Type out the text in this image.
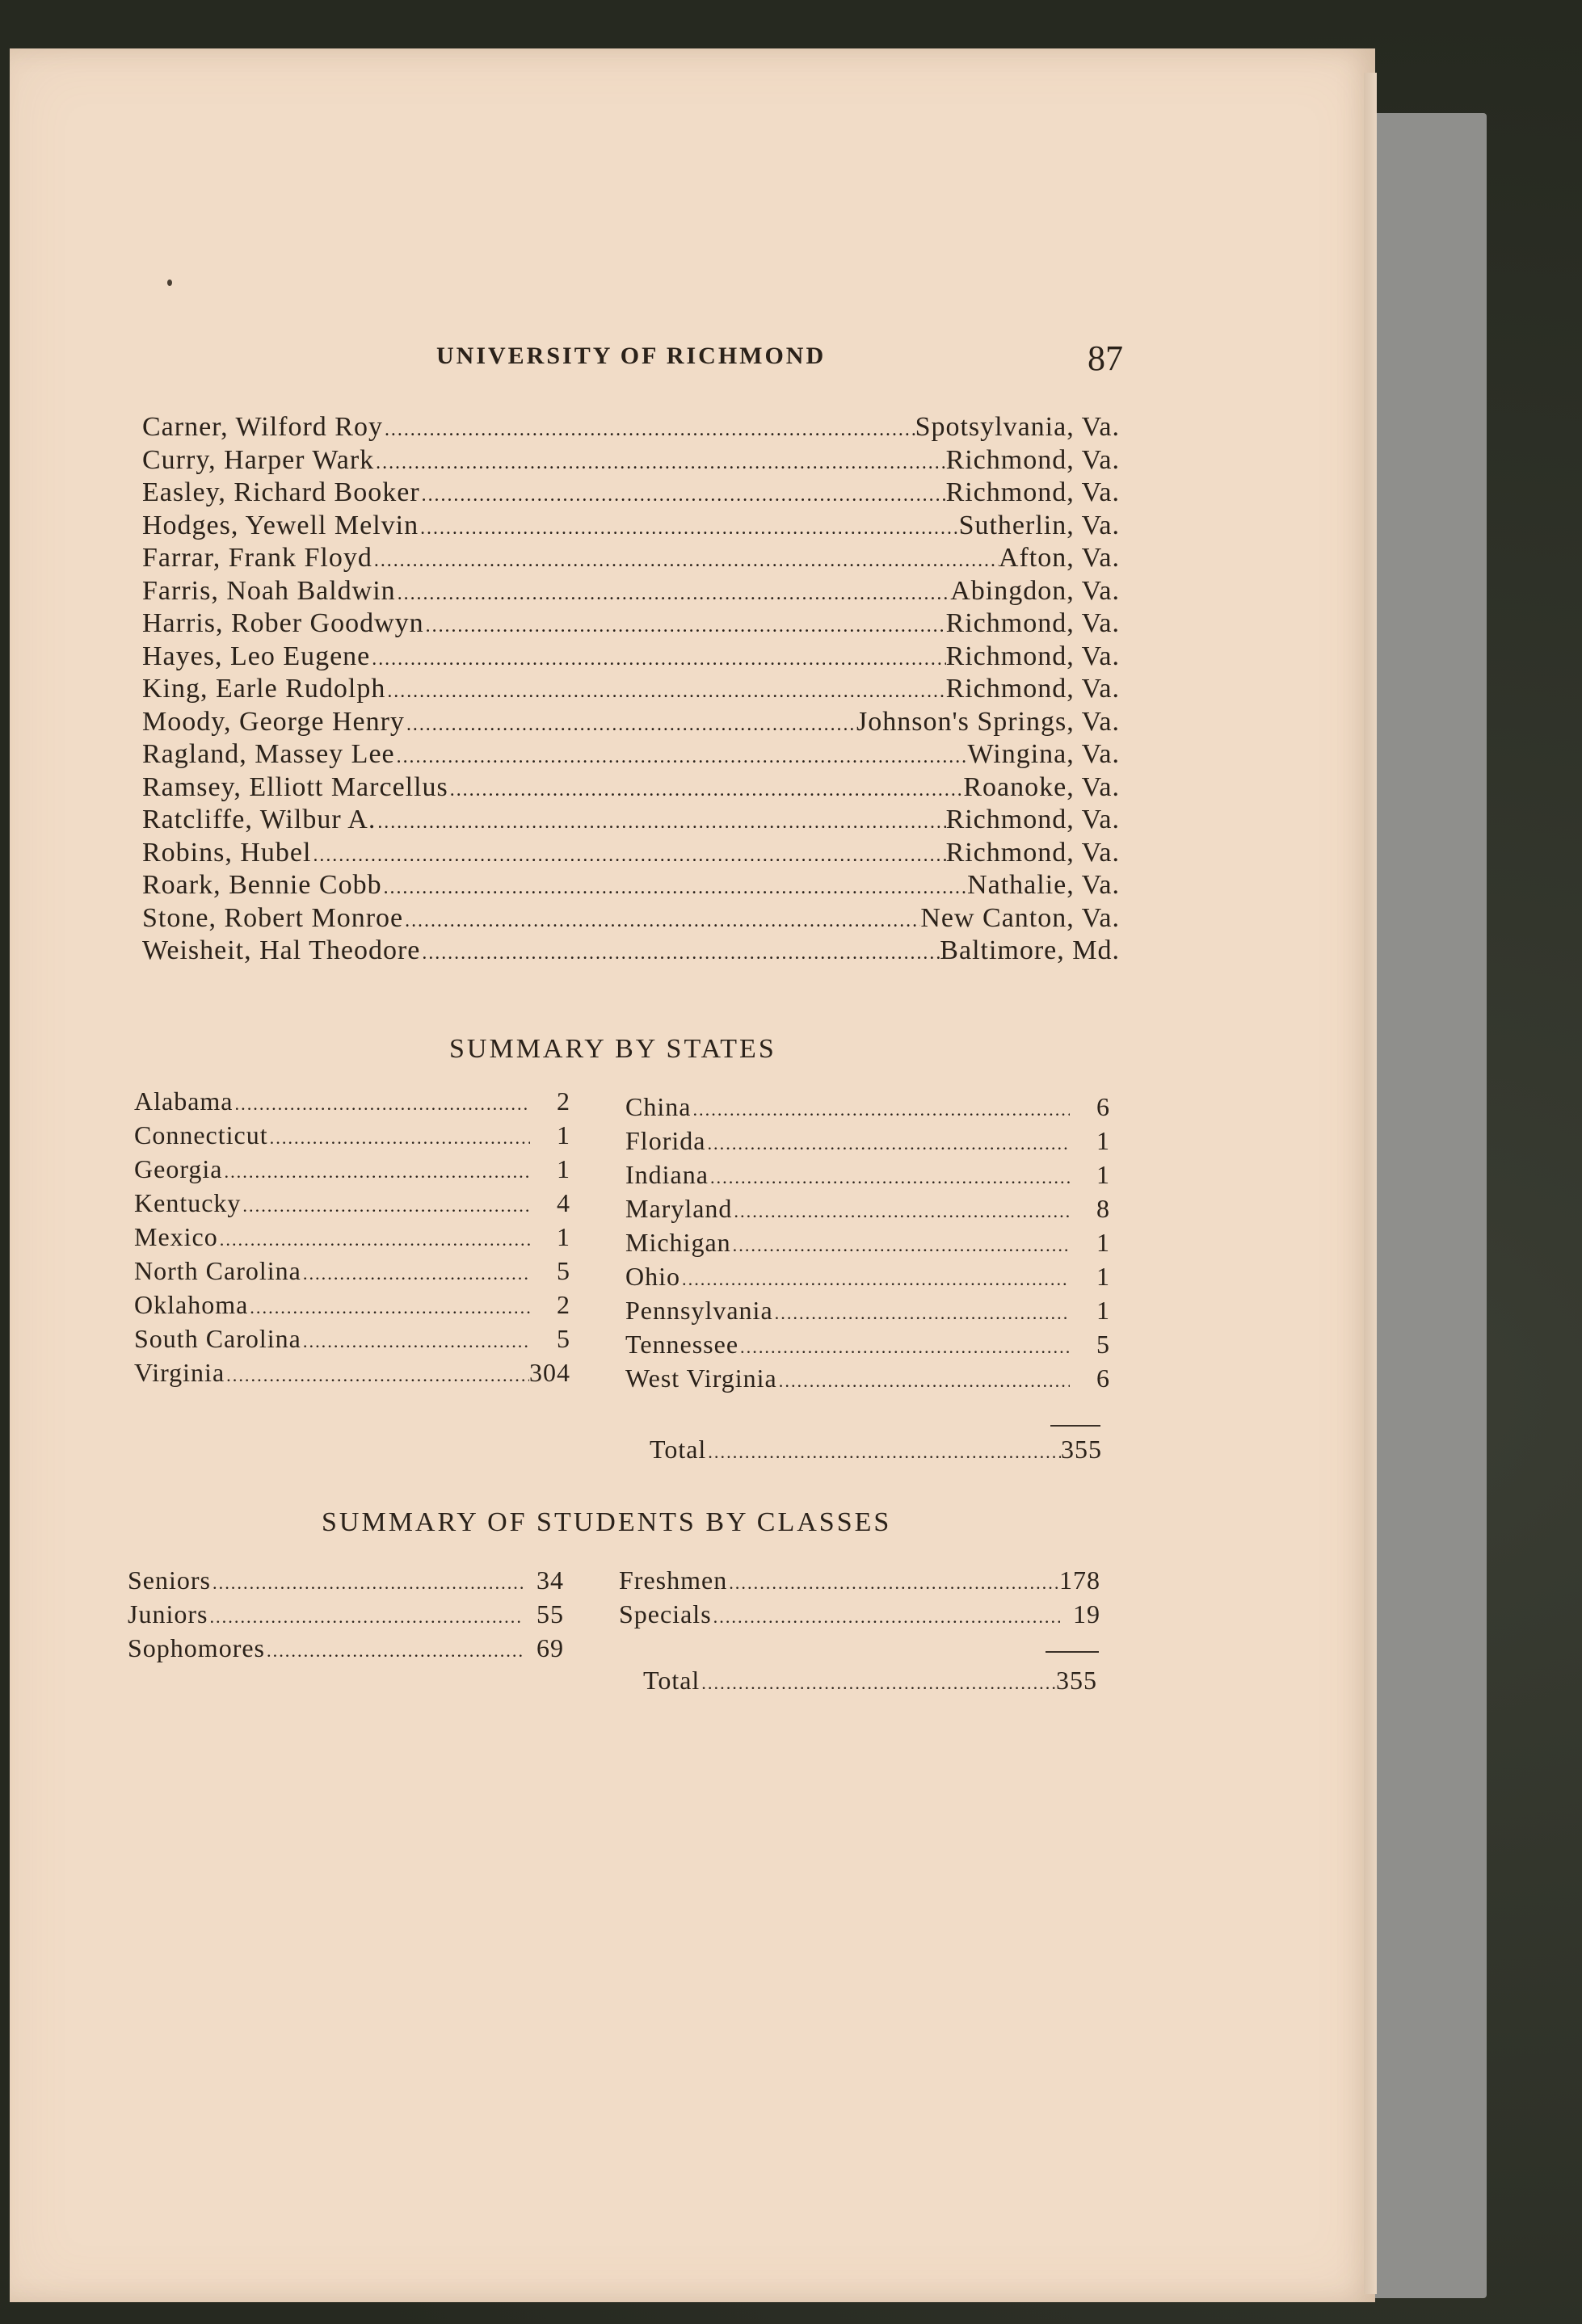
UNIVERSITY OF RICHMOND	87
Carner, Wilford Roy .....	Spotsylvania, Va.
Curry, Harper Wark .....	Richmond, Va.
Easley, Richard Booker .....	Richmond, Va.
Hodges, Yewell Melvin .....	Sutherlin, Va.
Farrar, Frank Floyd .....	Afton, Va.
Farris, Noah Baldwin .....	Abingdon, Va.
Harris, Rober Goodwyn .....	Richmond, Va.
Hayes, Leo Eugene .....	Richmond, Va.
King, Earle Rudolph .....	Richmond, Va.
Moody, George Henry .....	Johnson's Springs, Va.
Ragland, Massey Lee .....	Wingina, Va.
Ramsey, Elliott Marcellus .....	Roanoke, Va.
Ratcliffe, Wilbur A. .....	Richmond, Va.
Robins, Hubel .....	Richmond, Va.
Roark, Bennie Cobb .....	Nathalie, Va.
Stone, Robert Monroe .....	New Canton, Va.
Weisheit, Hal Theodore .....	Baltimore, Md.
SUMMARY BY STATES
Alabama .....	2
Connecticut .....	1
Georgia .....	1
Kentucky .....	4
Mexico .....	1
North Carolina .....	5
Oklahoma .....	2
South Carolina .....	5
Virginia .....	304
China .....	6
Florida .....	1
Indiana .....	1
Maryland .....	8
Michigan .....	1
Ohio .....	1
Pennsylvania .....	1
Tennessee .....	5
West Virginia .....	6
Total .....	355
SUMMARY OF STUDENTS BY CLASSES
Seniors .....	34
Juniors .....	55
Sophomores .....	69
Freshmen .....	178
Specials .....	19
Total .....	355
